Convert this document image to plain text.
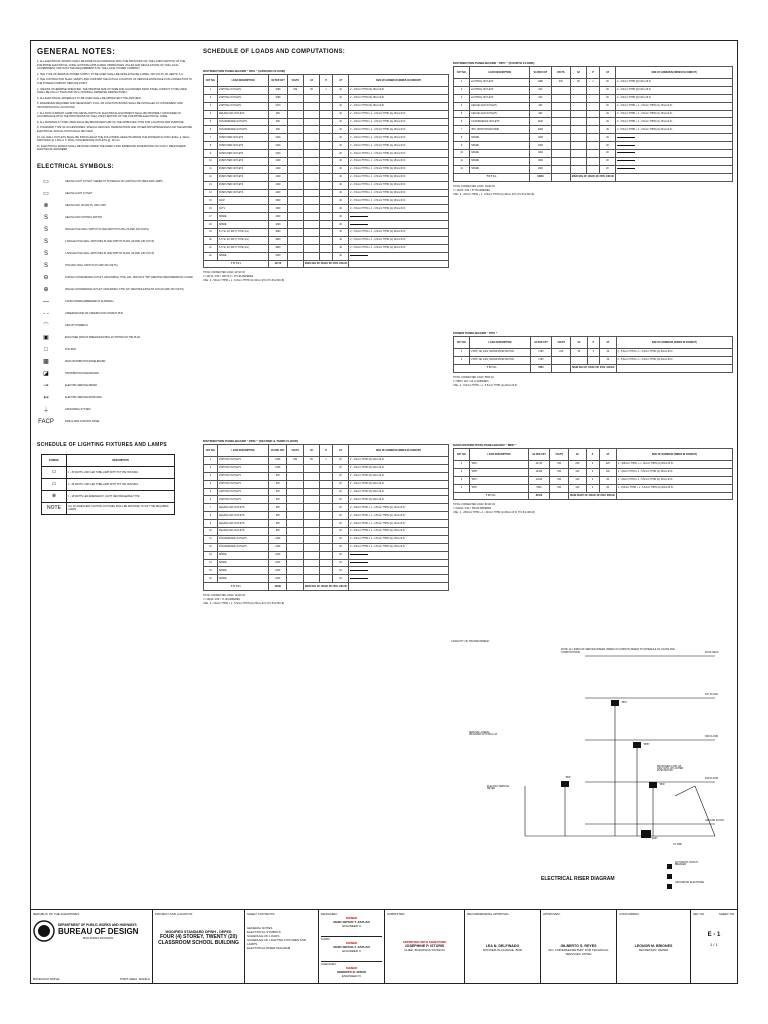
GENERAL NOTES:
1. ALL ELECTRICAL WORKS SHALL BE DONE IN ACCORDANCE WITH THE PROVISION OF THE LATEST EDITION OF THE PHILIPPINE ELECTRICAL CODE, EXISTING APPLICABLE ORDINANCES, RULES AND REGULATIONS OF THE LOCAL GOVERNMENT AND WITH THE REQUIREMENTS OF THE LOCAL POWER COMPANY.
2. THE TYPE OF SERVICE POWER SUPPLY TO BE USED SHALL BE SINGLE PHASE 3-WIRE, 230 VOLTS, 60 HERTZ, A.C.
3. THE CONTRACTOR SHALL VERIFY AND CONFIRM THE ACTUAL LOCATION OF SERVICE ENTRANCE FOR CONNECTION TO THE POWER COMPANY SERVICE POINT.
4. UNLESS OTHERWISE SPECIFIED, THE MINIMUM SIZE OF WIRE AND GALVANIZED RIGID STEEL CONDUIT TO BE USED SHALL BE 3.5mm² THHN AND 15mm NOMINAL DIAMETER RESPECTIVELY.
5. ALL ELECTRICAL MATERIALS TO BE USED SHALL BE APPROVED TYPE AND NEW.
6. WHENEVER REQUIRED AND NECESSARY, PULL OR JUNCTION BOXES SHALL BE INSTALLED AT CONVENIENT AND INCONSPICUOUS LOCATIONS.
7. ALL NON-CURRENT CARRYING METAL PARTS OF ELECTRICAL EQUIPMENT SHALL BE PROPERLY GROUNDED IN ACCORDANCE WITH THE PROVISIONS OF THE LATEST EDITION OF THE PHILIPPINE ELECTRICAL CODE.
8. ALL MATERIALS TO BE USED SHALL BE BRAND NEW AND OF THE APPROVED TYPE FOR LOCATION AND PURPOSE.
9. STANDARD TYPE OF ACCESSORIES, SPECIAL DEVICES, TERMINATIONS AND OTHER APPURTENANCES FOR THE ENTIRE ELECTRICAL INSTALLATION SHALL BE USED.
10. ALL WALL OUTLETS SHALL BE INSTALLED AT THE FOLLOWING HEIGHTS ABOVE THE FINISHED FLOOR LEVEL: a. WALL SWITCHES @ 1.50mm b. WALL CONVENIENCE OUTLETS @ .30 mm
11. ELECTRICAL WORKS SHALL BE DONE UNDER THE DIRECT AND IMMEDIATE SUPERVISION OF A DULY REGISTERED ELECTRICAL ENGINEER.
ELECTRICAL SYMBOLS:
▭	CEILING LIGHT OUTLET / REFER TO SCHEDULE OF LIGHTING FIXTURES AND LAMPS
▭	CEILING LIGHT OUTLET
⊗	CEILING FAN, 80 WATTS, 230V, 60Hz
S	CEILING FAN CONTROL SWITCH
S	SINGLE POLE WALL SWITCH IN ONE SWITCH PLATE (15 AMP, 230 VOLTS)
S	2 SINGLE POLE WALL SWITCHES IN ONE SWITCH PLATE (15 AMP, 230 VOLTS)
S	3 SINGLE POLE WALL SWITCHES IN ONE SWITCH PLATE (15 AMP, 230 VOLTS)
S	TWO-WAY WALL SWITCH (15 AMP, 230 VOLTS)
⊖	DUPLEX CONVENIENCE OUTLET, GROUNDING TYPE, 20A, 250VOLTS "WP" DENOTES WEATHERPROOF COVER
⊕	SINGLE CONVENIENCE OUTLET, GROUNDING TYPE "EF" DENOTES EXHAUST FAN (20 AMP, 230 VOLTS)
—	CONDUIT/WIRE EMBEDDED IN SLAB/WALL
- -	UNDERGROUND OR UNDERFLOOR CONDUIT RUN
⌒	CIRCUIT HOMERUN
▣	ENCLOSED CIRCUIT BREAKER RATING AS SHOWN ON THE PLAN
□	PULLBOX
▩	MAIN DISTRIBUTION PANELBOARD
◪	DISTRIBUTION PANELBOARD
⊸	ELECTRIC SERVICE METER
↤	ELECTRIC SERVICE ENTRANCE
⏚	GROUNDING SYSTEM
FACP	FIRE ALARM CONTROL PANEL
SCHEDULE OF LIGHTING FIXTURES AND LAMPS
SYMBOL	DESCRIPTION
▭	1 - 36 WATTS, 230V LED TUBE LAMP WITH T8 TYPE HOUSING
▭	2 - 36 WATTS, 230V LED TUBE LAMP WITH T8 TYPE HOUSING
⊗	1 - 18 WATTS LED EMERGENCY LIGHT, RECHARGEABLE TYPE
NOTE	ALL FLUORESCENT LIGHTING FIXTURES SHALL BE MOUNTED TO SUIT THE REQUIRED LAMPS
SCHEDULE OF LOADS AND COMPUTATIONS:
DISTRIBUTION PANELBOARD " DPA " (GROUND FLOOR)
CKT NO.	LOAD DESCRIPTION	VA PER CKT	VOLTS	AF	P	AT	SIZE OF HOMERUN (WIRES IN CONDUIT)
1	LIGHTING OUTLETS	1080	230	50	1	20	2 - 3.5mm² THHN (6) 15mm Ø IC
2	LIGHTING OUTLETS	1080				20	2 - 3.5mm² THHN (6) 15mm Ø IC
3	LIGHTING OUTLETS	1070				20	2 - 3.5mm² THHN (6) 15mm Ø IC
4	CEILING FAN OUTLETS	960				20	2 - 3.5mm² THHN + 1 - 3.5mm² THHN (G) 15mm Ø IC
5	CONVENIENCE OUTLETS	900				20	2 - 3.5mm² THHN + 1 - 3.5mm² THHN (G) 15mm Ø IC
6	CONVENIENCE OUTLETS	900				20	2 - 3.5mm² THHN + 1 - 3.5mm² THHN (G) 15mm Ø IC
7	COMPUTER OUTLETS	1200				20	2 - 3.5mm² THHN + 1 - 3.5mm² THHN (G) 15mm Ø IC
8	COMPUTER OUTLETS	1200				20	2 - 3.5mm² THHN + 1 - 3.5mm² THHN (G) 15mm Ø IC
9	COMPUTER OUTLETS	1200				20	2 - 3.5mm² THHN + 1 - 3.5mm² THHN (G) 15mm Ø IC
10	COMPUTER OUTLETS	1200				20	2 - 3.5mm² THHN + 1 - 3.5mm² THHN (G) 15mm Ø IC
11	COMPUTER OUTLETS	1200				20	2 - 3.5mm² THHN + 1 - 3.5mm² THHN (G) 15mm Ø IC
12	COMPUTER OUTLETS	1200				20	2 - 3.5mm² THHN + 1 - 3.5mm² THHN (G) 15mm Ø IC
13	COMPUTER OUTLETS	1200				20	2 - 3.5mm² THHN + 1 - 3.5mm² THHN (G) 15mm Ø IC
14	COMPUTER OUTLETS	1200				20	2 - 3.5mm² THHN + 1 - 3.5mm² THHN (G) 15mm Ø IC
15	FACP	1500				20	2 - 3.5mm² THHN + 1 - 3.5mm² THHN (G) 15mm Ø IC
16	CCTV	1500				20	2 - 3.5mm² THHN + 1 - 3.5mm² THHN (G) 15mm Ø IC
17	SPARE	1000				20	
18	SPARE	1000				20	
19	S.I.T.E. AC SPLIT TYPE (LG)	4800				40	2 - 5.5mm² THHN + 1 - 3.5mm² THHN (G) 20mm Ø IC
20	S.I.T.E. AC SPLIT TYPE (LG)	4800				40	2 - 5.5mm² THHN + 1 - 3.5mm² THHN (G) 20mm Ø IC
21	S.I.T.E. AC SPLIT TYPE (LG)	4800				40	2 - 5.5mm² THHN + 1 - 3.5mm² THHN (G) 20mm Ø IC
22	SPARE	1000				20	
T O T A L		42710		MAIN 40A/ 2P, 200AF/ 3P, 250V, 10KAIC			
TOTAL CONNECTED LOAD: 42710 VA
I = 42710 / 230 = 185.70 A ≈ 175.48 AMPERES
USE : 2 - 50mm² THHN + 1 - 8.0mm² THHN (G) 40mm Ø IC (TC-B & IMC-B)
DISTRIBUTION PANELBOARD " DPB " (SECOND & THIRD FLOOR)
CKT NO.	LOAD DESCRIPTION	VA PER CKT	VOLTS	AF	P	AT	SIZE OF HOMERUN (WIRES IN CONDUIT)
1	LIGHTING OUTLETS	1080	230	50	1	20	2 - 3.5mm² THHN (6) 15mm Ø IC
2	LIGHTING OUTLETS	1080				20	2 - 3.5mm² THHN (6) 15mm Ø IC
3	LIGHTING OUTLETS	540				20	2 - 3.5mm² THHN (6) 15mm Ø IC
4	LIGHTING OUTLETS	540				20	2 - 3.5mm² THHN (6) 15mm Ø IC
5	LIGHTING OUTLETS	540				20	2 - 3.5mm² THHN (6) 15mm Ø IC
6	LIGHTING OUTLETS	540				20	2 - 3.5mm² THHN (6) 15mm Ø IC
7	CEILING FAN OUTLETS	960				20	2 - 3.5mm² THHN + 1 - 3.5mm² THHN (G) 15mm Ø IC
8	CEILING FAN OUTLETS	960				20	2 - 3.5mm² THHN + 1 - 3.5mm² THHN (G) 15mm Ø IC
9	CEILING FAN OUTLETS	960				20	2 - 3.5mm² THHN + 1 - 3.5mm² THHN (G) 15mm Ø IC
10	CEILING FAN OUTLETS	960				20	2 - 3.5mm² THHN + 1 - 3.5mm² THHN (G) 15mm Ø IC
11	CONVENIENCE OUTLETS	2160				20	2 - 3.5mm² THHN + 1 - 3.5mm² THHN (G) 15mm Ø IC
12	CONVENIENCE OUTLETS	2160				20	2 - 3.5mm² THHN + 1 - 3.5mm² THHN (G) 15mm Ø IC
13	SPARE	1000				20	
14	SPARE	1000				20	
15	SPARE	1000				20	
16	SPARE	1000				20	
T O T A L		16440		MAIN 60A/ 2P, 100AF/ 3P, 250V, 10KAIC			
TOTAL CONNECTED LOAD: 16440 VA
I = 16440 / 230 = 71.48 AMPERES
USE : 2 - 22mm² THHN + 1 - 5.5mm² THHN (G) 25mm Ø IC (TC-B & IMC-B)
DISTRIBUTION PANELBOARD " DPC " (FOURTH FLOOR)
CKT NO.	LOAD DESCRIPTION	VA PER CKT	VOLTS	AF	P	AT	SIZE OF HOMERUN (WIRES IN CONDUIT)
1	LIGHTING OUTLETS	1080	230	50	1	20	2 - 3.5mm² THHN (6) 15mm Ø IC
2	LIGHTING OUTLETS	540				20	2 - 3.5mm² THHN (6) 15mm Ø IC
3	LIGHTING OUTLETS	540				20	2 - 3.5mm² THHN (6) 15mm Ø IC
4	CEILING FAN OUTLETS	960				20	2 - 3.5mm² THHN + 1 - 3.5mm² THHN (G) 15mm Ø IC
5	CEILING FAN OUTLETS	960				20	2 - 3.5mm² THHN + 1 - 3.5mm² THHN (G) 15mm Ø IC
6	CONVENIENCE OUTLETS	2160				20	2 - 3.5mm² THHN + 1 - 3.5mm² THHN (G) 15mm Ø IC
7	3HP, 1Ø BOOSTER PUMP	3000				40	2 - 5.5mm² THHN + 1 - 3.5mm² THHN (G) 20mm Ø IC
8	SPARE	1000				20	
9	SPARE	1000				20	
10	SPARE	1000				20	
11	SPARE	1000				20	
12	SPARE	1000				20	
T O T A L		13240		MAIN 40A/ 2P, 100AF/ 3P, 250V, 10KAIC			
TOTAL CONNECTED LOAD: 13240 VA
I = 13240 / 230 = 57.56 AMPERES
USE : 2 - 22mm² THHN + 1 - 5.5mm² THHN (G) 25mm Ø IC (TC-B & IMC-B)
POWER PANELBOARD " PPA "
CKT NO.	LOAD DESCRIPTION	VA PER CKT	VOLTS	AF	P	AT	SIZE OF HOMERUN (WIRES IN CONDUIT)
1	2.5HP, 1Ø, 230V, WATER PUMP MOTOR	2780	230	50	2	30	2 - 5.5mm² THHN + 1 - 3.5mm² THHN (G) 20mm Ø IC
2	2.5HP, 1Ø, 230V, WATER PUMP MOTOR	2780				30	2 - 5.5mm² THHN + 1 - 3.5mm² THHN (G) 20mm Ø IC
T O T A L		5560		MAIN 60A/ 2P, 100AF/ 3P, 250V, 10KAIC			
TOTAL CONNECTED LOAD: 5560 VA
I = 5560 / 230 = 24.17 AMPERES
USE : 2 - 8.0mm² THHN + 1 - 5.5mm² THHN (G) 20mm Ø IC
MAIN DISTRIBUTION PANELBOARD " MDP "
CKT NO.	LOAD DESCRIPTION	VA PER CKT	VOLTS	AF	P	AT	SIZE OF HOMERUN (WIRES IN CONDUIT)
1	"DPA"	42710	230	250	2	225	2 - 100mm² THHN + 1 - 14mm² THHN (G) 50mm Ø IC
2	"DPB"	16440	230	100	2	100	2 - 22mm² THHN + 1 - 5.5mm² THHN (G) 25mm Ø IC
3	"DPC"	13240	230	100	2	60	2 - 22mm² THHN + 1 - 5.5mm² THHN (G) 25mm Ø IC
4	"PPA"	5560	230	100	2	60	2 - 8.0mm² THHN + 1 - 5.5mm² THHN (G) 20mm Ø IC
T O T A L		82100		MAIN 400AT/ 2P, 400AF/ 3P, 250V, 35KAIC			
TOTAL CONNECTED LOAD: 82100 VA
I = 82100 / 230 = 356.96 AMPERES
USE : 2 - 250mm² THHN + 1 - 30mm² THHN (G) 80mm Ø IC (TC-B & IMC-B)
CAPACITY OF TRANSFORMER:
NOTE: ALL SIZES OF SERVICE RISERS (WIRES IN CONDUIT) REFER TO SCHEDULE OF LOADS AND COMPUTATIONS	ROOF DECK
4TH FLOOR
3RD FLOOR
2ND FLOOR
GROUND FLOOR
"DPC"
"DPB"
"DPA"
"MDP"
"PPA"
TO MDP
SERVICE LATERAL PROVIDED WITH 80mm Ø
ELECTRIC SERVICE METER
PROPOSED 2.5HP, 1Ø, 230V, 60Hz, W/C WATER PUMP MOTOR
AUTOMATIC CIRCUIT BREAKER
GROUNDING ELECTRODE
ELECTRICAL RISER DIAGRAM
REPUBLIC OF THE PHILIPPINES
DEPARTMENT OF PUBLIC WORKS AND HIGHWAYS
BUREAU OF DESIGN
BUILDINGS DIVISION
BONIFACIO DRIVE	PORT AREA, MANILA
PROJECT AND LOCATION:
MODIFIED STANDARD DPWH - DEPED
FOUR (4) STOREY, TWENTY (20)
CLASSROOM SCHOOL BUILDING
SHEET CONTENTS:
GENERAL NOTES
ELECTRICAL SYMBOLS
SCHEDULE OF LOADS
SCHEDULE OF LIGHTING FIXTURES AND LAMPS
ELECTRICAL RISER DIAGRAM
DESIGNED:
SIGNED
MARU BRYAN T. ZAPLAN
ENGINEER II
CADD:
SIGNED
MARU BRYAN T. ZAPLAN
ENGINEER II
CHECKED:
SIGNED
ERBERTO B. DIZON
ENGINEER IV
SUBMITTED:
APPROVED WITH SIGNATURE
JOSEPHINE P. ISTURIS
CHIEF, BUILDINGS DIVISION
RECOMMENDING APPROVAL:
LEA N. DELFINADO
OFFICER-IN-CHARGE, BOD
APPROVED:
GILBERTO S. REYES
OIC, UNDERSECRETARY FOR TECHNICAL SERVICES, DPWH
CONCURRED:
LEONOR M. BRIONES
SECRETARY, DEPED
SET NO.	SHEET NO.
E - 1
1 / 1
